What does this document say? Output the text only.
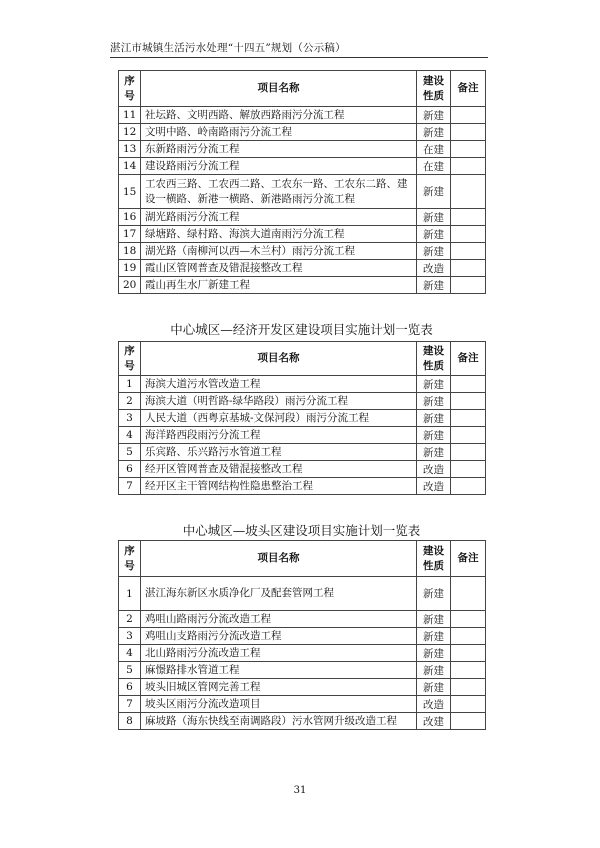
湛江市城镇生活污水处理“十四五”规划（公示稿）
序号	项目名称	建设性质	备注
11	社坛路、文明西路、解放西路雨污分流工程	新建	
12	文明中路、岭南路雨污分流工程	新建	
13	东新路雨污分流工程	在建	
14	建设路雨污分流工程	在建	
15	工农西三路、工农西二路、工农东一路、工农东二路、建设一横路、新港一横路、新港路雨污分流工程	新建	
16	湖光路雨污分流工程	新建	
17	绿塘路、绿村路、海滨大道南雨污分流工程	新建	
18	湖光路（南柳河以西—木兰村）雨污分流工程	新建	
19	霞山区管网普查及错混接整改工程	改造	
20	霞山再生水厂新建工程	新建	
中心城区—经济开发区建设项目实施计划一览表
序号	项目名称	建设性质	备注
1	海滨大道污水管改造工程	新建	
2	海滨大道（明哲路-绿华路段）雨污分流工程	新建	
3	人民大道（西粤京基城-文保河段）雨污分流工程	新建	
4	海洋路西段雨污分流工程	新建	
5	乐宾路、乐兴路污水管道工程	新建	
6	经开区管网普查及错混接整改工程	改造	
7	经开区主干管网结构性隐患整治工程	改造	
中心城区—坡头区建设项目实施计划一览表
序号	项目名称	建设性质	备注
1	湛江海东新区水质净化厂及配套管网工程	新建	
2	鸡咀山路雨污分流改造工程	新建	
3	鸡咀山支路雨污分流改造工程	新建	
4	北山路雨污分流改造工程	新建	
5	麻憬路排水管道工程	新建	
6	坡头旧城区管网完善工程	新建	
7	坡头区雨污分流改造项目	改造	
8	麻坡路（海东快线至南调路段）污水管网升级改造工程	改建	
31
